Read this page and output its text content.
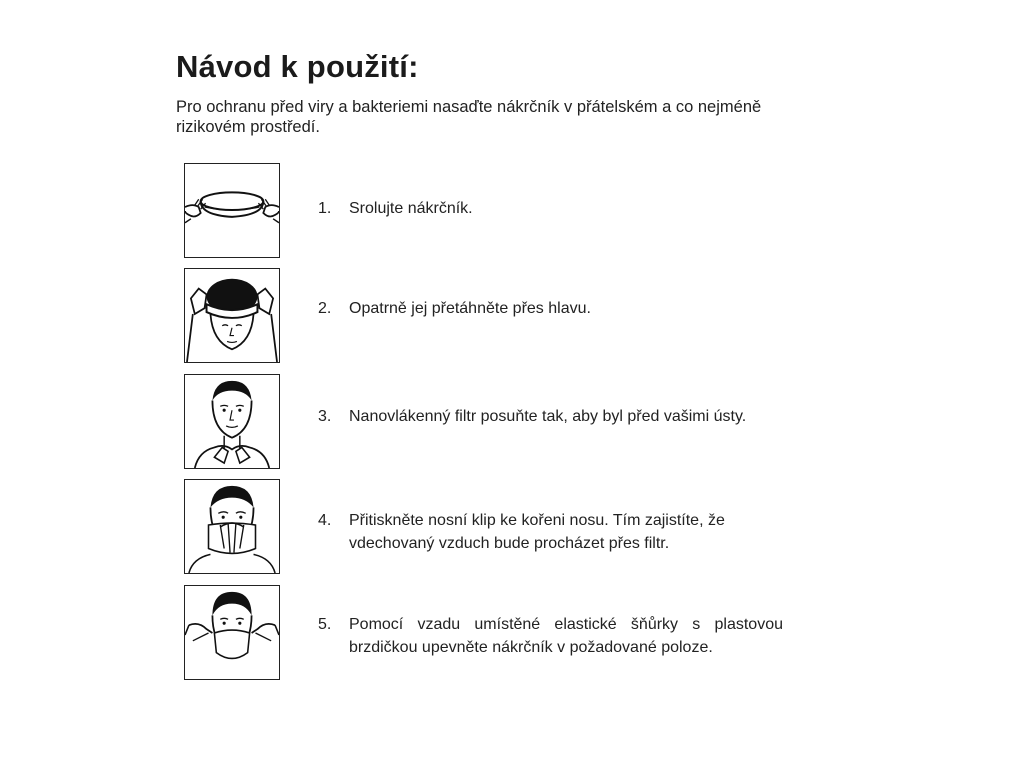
Návod k použití:

Pro ochranu před viry a bakteriemi nasaďte nákrčník v přátelském a co nejméně rizikovém prostředí.

1. Srolujte nákrčník.

2. Opatrně jej přetáhněte přes hlavu.

3. Nanovlákenný filtr posuňte tak, aby byl před vašimi ústy.

4. Přitiskněte nosní klip ke kořeni nosu. Tím zajistíte, že vdechovaný vzduch bude procházet přes filtr.

5. Pomocí vzadu umístěné elastické šňůrky s plastovou brzdičkou upevněte nákrčník v požadované poloze.
